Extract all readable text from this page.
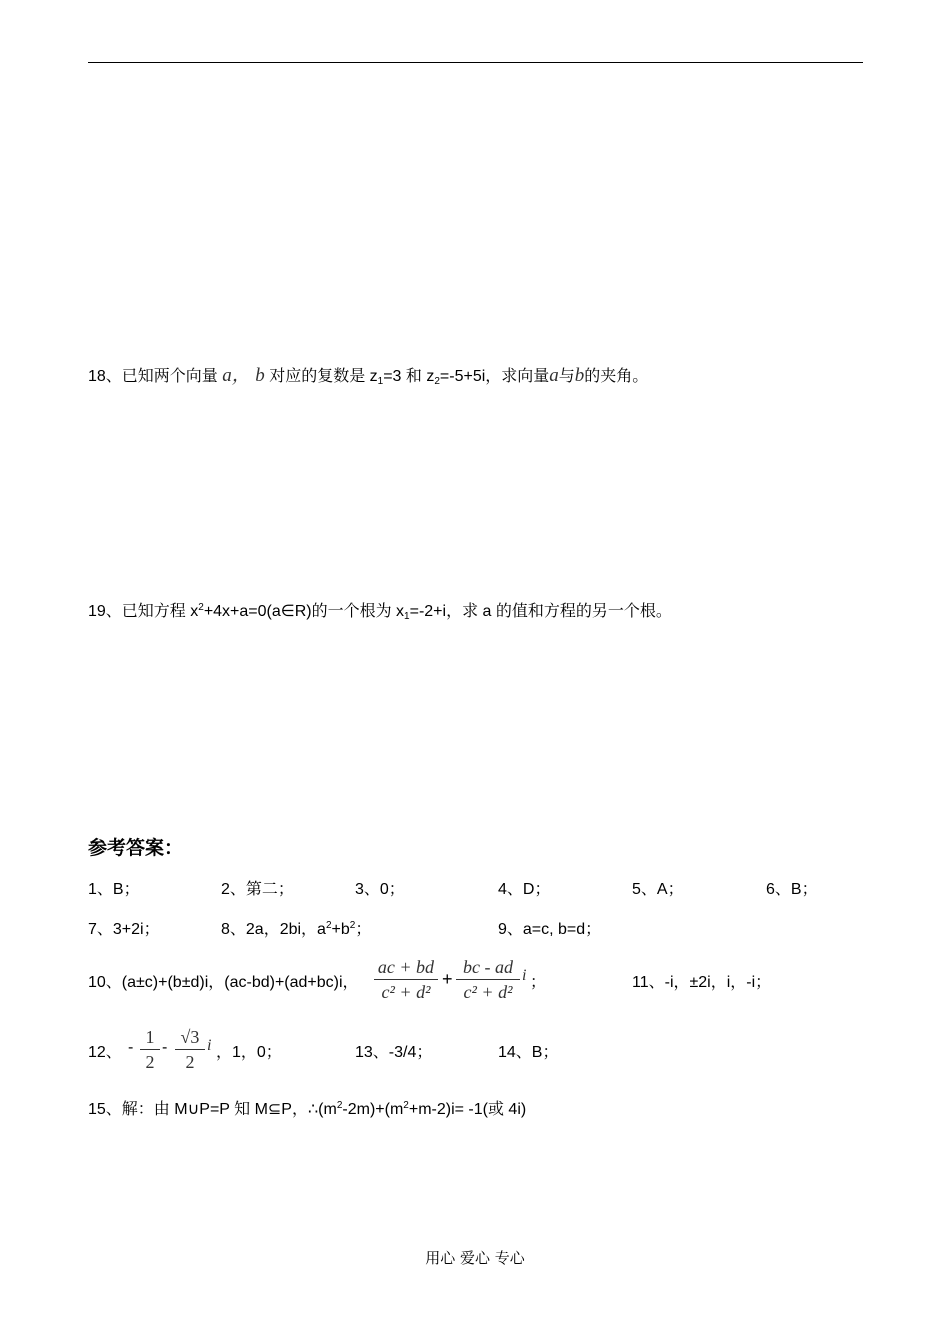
18、已知两个向量 a， b 对应的复数是 $z_1=3$ 和 $z_2=-5+5i$，求向量a与b的夹角。
19、已知方程 $x^2+4x+a=0(a\in R)$的一个根为 $x_1=-2+i$，求 a 的值和方程的另一个根。
参考答案：
1、B；	2、第二；	3、0；	4、D；	5、A；	6、B；
7、3+2i；	8、2a，2bi，$a^2+b^2$；	9、a=c, b=d；
10、(a±c)+(b±d)i，(ac-bd)+(ad+bc)i，
ac + bd
c² + d²
+
bc - ad
c² + d²
i ；	11、-i，±2i，i，-i；
12、 -
1
2
-
√3
2
i ，1，0；	13、-3/4；	14、B；
15、解：由 M∪P=P 知 M⊆P，$\therefore(m^2-2m)+(m^2+m-2)i= -1$(或 4i)
用心 爱心 专心
